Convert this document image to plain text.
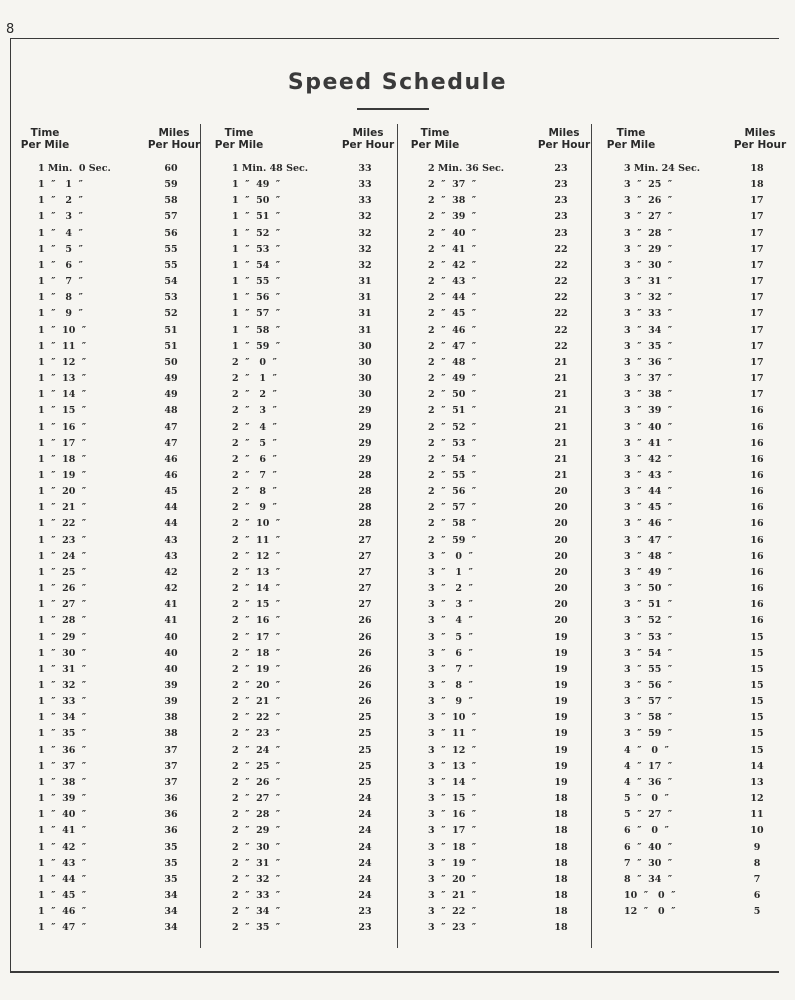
8
Speed Schedule
Time
Per Mile
Miles
Per Hour
1 Min.  0 Sec.	60
1  ″   1  ″	59
1  ″   2  ″	58
1  ″   3  ″	57
1  ″   4  ″	56
1  ″   5  ″	55
1  ″   6  ″	55
1  ″   7  ″	54
1  ″   8  ″	53
1  ″   9  ″	52
1  ″  10  ″	51
1  ″  11  ″	51
1  ″  12  ″	50
1  ″  13  ″	49
1  ″  14  ″	49
1  ″  15  ″	48
1  ″  16  ″	47
1  ″  17  ″	47
1  ″  18  ″	46
1  ″  19  ″	46
1  ″  20  ″	45
1  ″  21  ″	44
1  ″  22  ″	44
1  ″  23  ″	43
1  ″  24  ″	43
1  ″  25  ″	42
1  ″  26  ″	42
1  ″  27  ″	41
1  ″  28  ″	41
1  ″  29  ″	40
1  ″  30  ″	40
1  ″  31  ″	40
1  ″  32  ″	39
1  ″  33  ″	39
1  ″  34  ″	38
1  ″  35  ″	38
1  ″  36  ″	37
1  ″  37  ″	37
1  ″  38  ″	37
1  ″  39  ″	36
1  ″  40  ″	36
1  ″  41  ″	36
1  ″  42  ″	35
1  ″  43  ″	35
1  ″  44  ″	35
1  ″  45  ″	34
1  ″  46  ″	34
1  ″  47  ″	34
Time
Per Mile
Miles
Per Hour
1 Min. 48 Sec.	33
1  ″  49  ″	33
1  ″  50  ″	33
1  ″  51  ″	32
1  ″  52  ″	32
1  ″  53  ″	32
1  ″  54  ″	32
1  ″  55  ″	31
1  ″  56  ″	31
1  ″  57  ″	31
1  ″  58  ″	31
1  ″  59  ″	30
2  ″   0  ″	30
2  ″   1  ″	30
2  ″   2  ″	30
2  ″   3  ″	29
2  ″   4  ″	29
2  ″   5  ″	29
2  ″   6  ″	29
2  ″   7  ″	28
2  ″   8  ″	28
2  ″   9  ″	28
2  ″  10  ″	28
2  ″  11  ″	27
2  ″  12  ″	27
2  ″  13  ″	27
2  ″  14  ″	27
2  ″  15  ″	27
2  ″  16  ″	26
2  ″  17  ″	26
2  ″  18  ″	26
2  ″  19  ″	26
2  ″  20  ″	26
2  ″  21  ″	26
2  ″  22  ″	25
2  ″  23  ″	25
2  ″  24  ″	25
2  ″  25  ″	25
2  ″  26  ″	25
2  ″  27  ″	24
2  ″  28  ″	24
2  ″  29  ″	24
2  ″  30  ″	24
2  ″  31  ″	24
2  ″  32  ″	24
2  ″  33  ″	24
2  ″  34  ″	23
2  ″  35  ″	23
Time
Per Mile
Miles
Per Hour
2 Min. 36 Sec.	23
2  ″  37  ″	23
2  ″  38  ″	23
2  ″  39  ″	23
2  ″  40  ″	23
2  ″  41  ″	22
2  ″  42  ″	22
2  ″  43  ″	22
2  ″  44  ″	22
2  ″  45  ″	22
2  ″  46  ″	22
2  ″  47  ″	22
2  ″  48  ″	21
2  ″  49  ″	21
2  ″  50  ″	21
2  ″  51  ″	21
2  ″  52  ″	21
2  ″  53  ″	21
2  ″  54  ″	21
2  ″  55  ″	21
2  ″  56  ″	20
2  ″  57  ″	20
2  ″  58  ″	20
2  ″  59  ″	20
3  ″   0  ″	20
3  ″   1  ″	20
3  ″   2  ″	20
3  ″   3  ″	20
3  ″   4  ″	20
3  ″   5  ″	19
3  ″   6  ″	19
3  ″   7  ″	19
3  ″   8  ″	19
3  ″   9  ″	19
3  ″  10  ″	19
3  ″  11  ″	19
3  ″  12  ″	19
3  ″  13  ″	19
3  ″  14  ″	19
3  ″  15  ″	18
3  ″  16  ″	18
3  ″  17  ″	18
3  ″  18  ″	18
3  ″  19  ″	18
3  ″  20  ″	18
3  ″  21  ″	18
3  ″  22  ″	18
3  ″  23  ″	18
Time
Per Mile
Miles
Per Hour
3 Min. 24 Sec.	18
3  ″  25  ″	18
3  ″  26  ″	17
3  ″  27  ″	17
3  ″  28  ″	17
3  ″  29  ″	17
3  ″  30  ″	17
3  ″  31  ″	17
3  ″  32  ″	17
3  ″  33  ″	17
3  ″  34  ″	17
3  ″  35  ″	17
3  ″  36  ″	17
3  ″  37  ″	17
3  ″  38  ″	17
3  ″  39  ″	16
3  ″  40  ″	16
3  ″  41  ″	16
3  ″  42  ″	16
3  ″  43  ″	16
3  ″  44  ″	16
3  ″  45  ″	16
3  ″  46  ″	16
3  ″  47  ″	16
3  ″  48  ″	16
3  ″  49  ″	16
3  ″  50  ″	16
3  ″  51  ″	16
3  ″  52  ″	16
3  ″  53  ″	15
3  ″  54  ″	15
3  ″  55  ″	15
3  ″  56  ″	15
3  ″  57  ″	15
3  ″  58  ″	15
3  ″  59  ″	15
4  ″   0  ″	15
4  ″  17  ″	14
4  ″  36  ″	13
5  ″   0  ″	12
5  ″  27  ″	11
6  ″   0  ″	10
6  ″  40  ″	9
7  ″  30  ″	8
8  ″  34  ″	7
10  ″   0  ″	6
12  ″   0  ″	5
